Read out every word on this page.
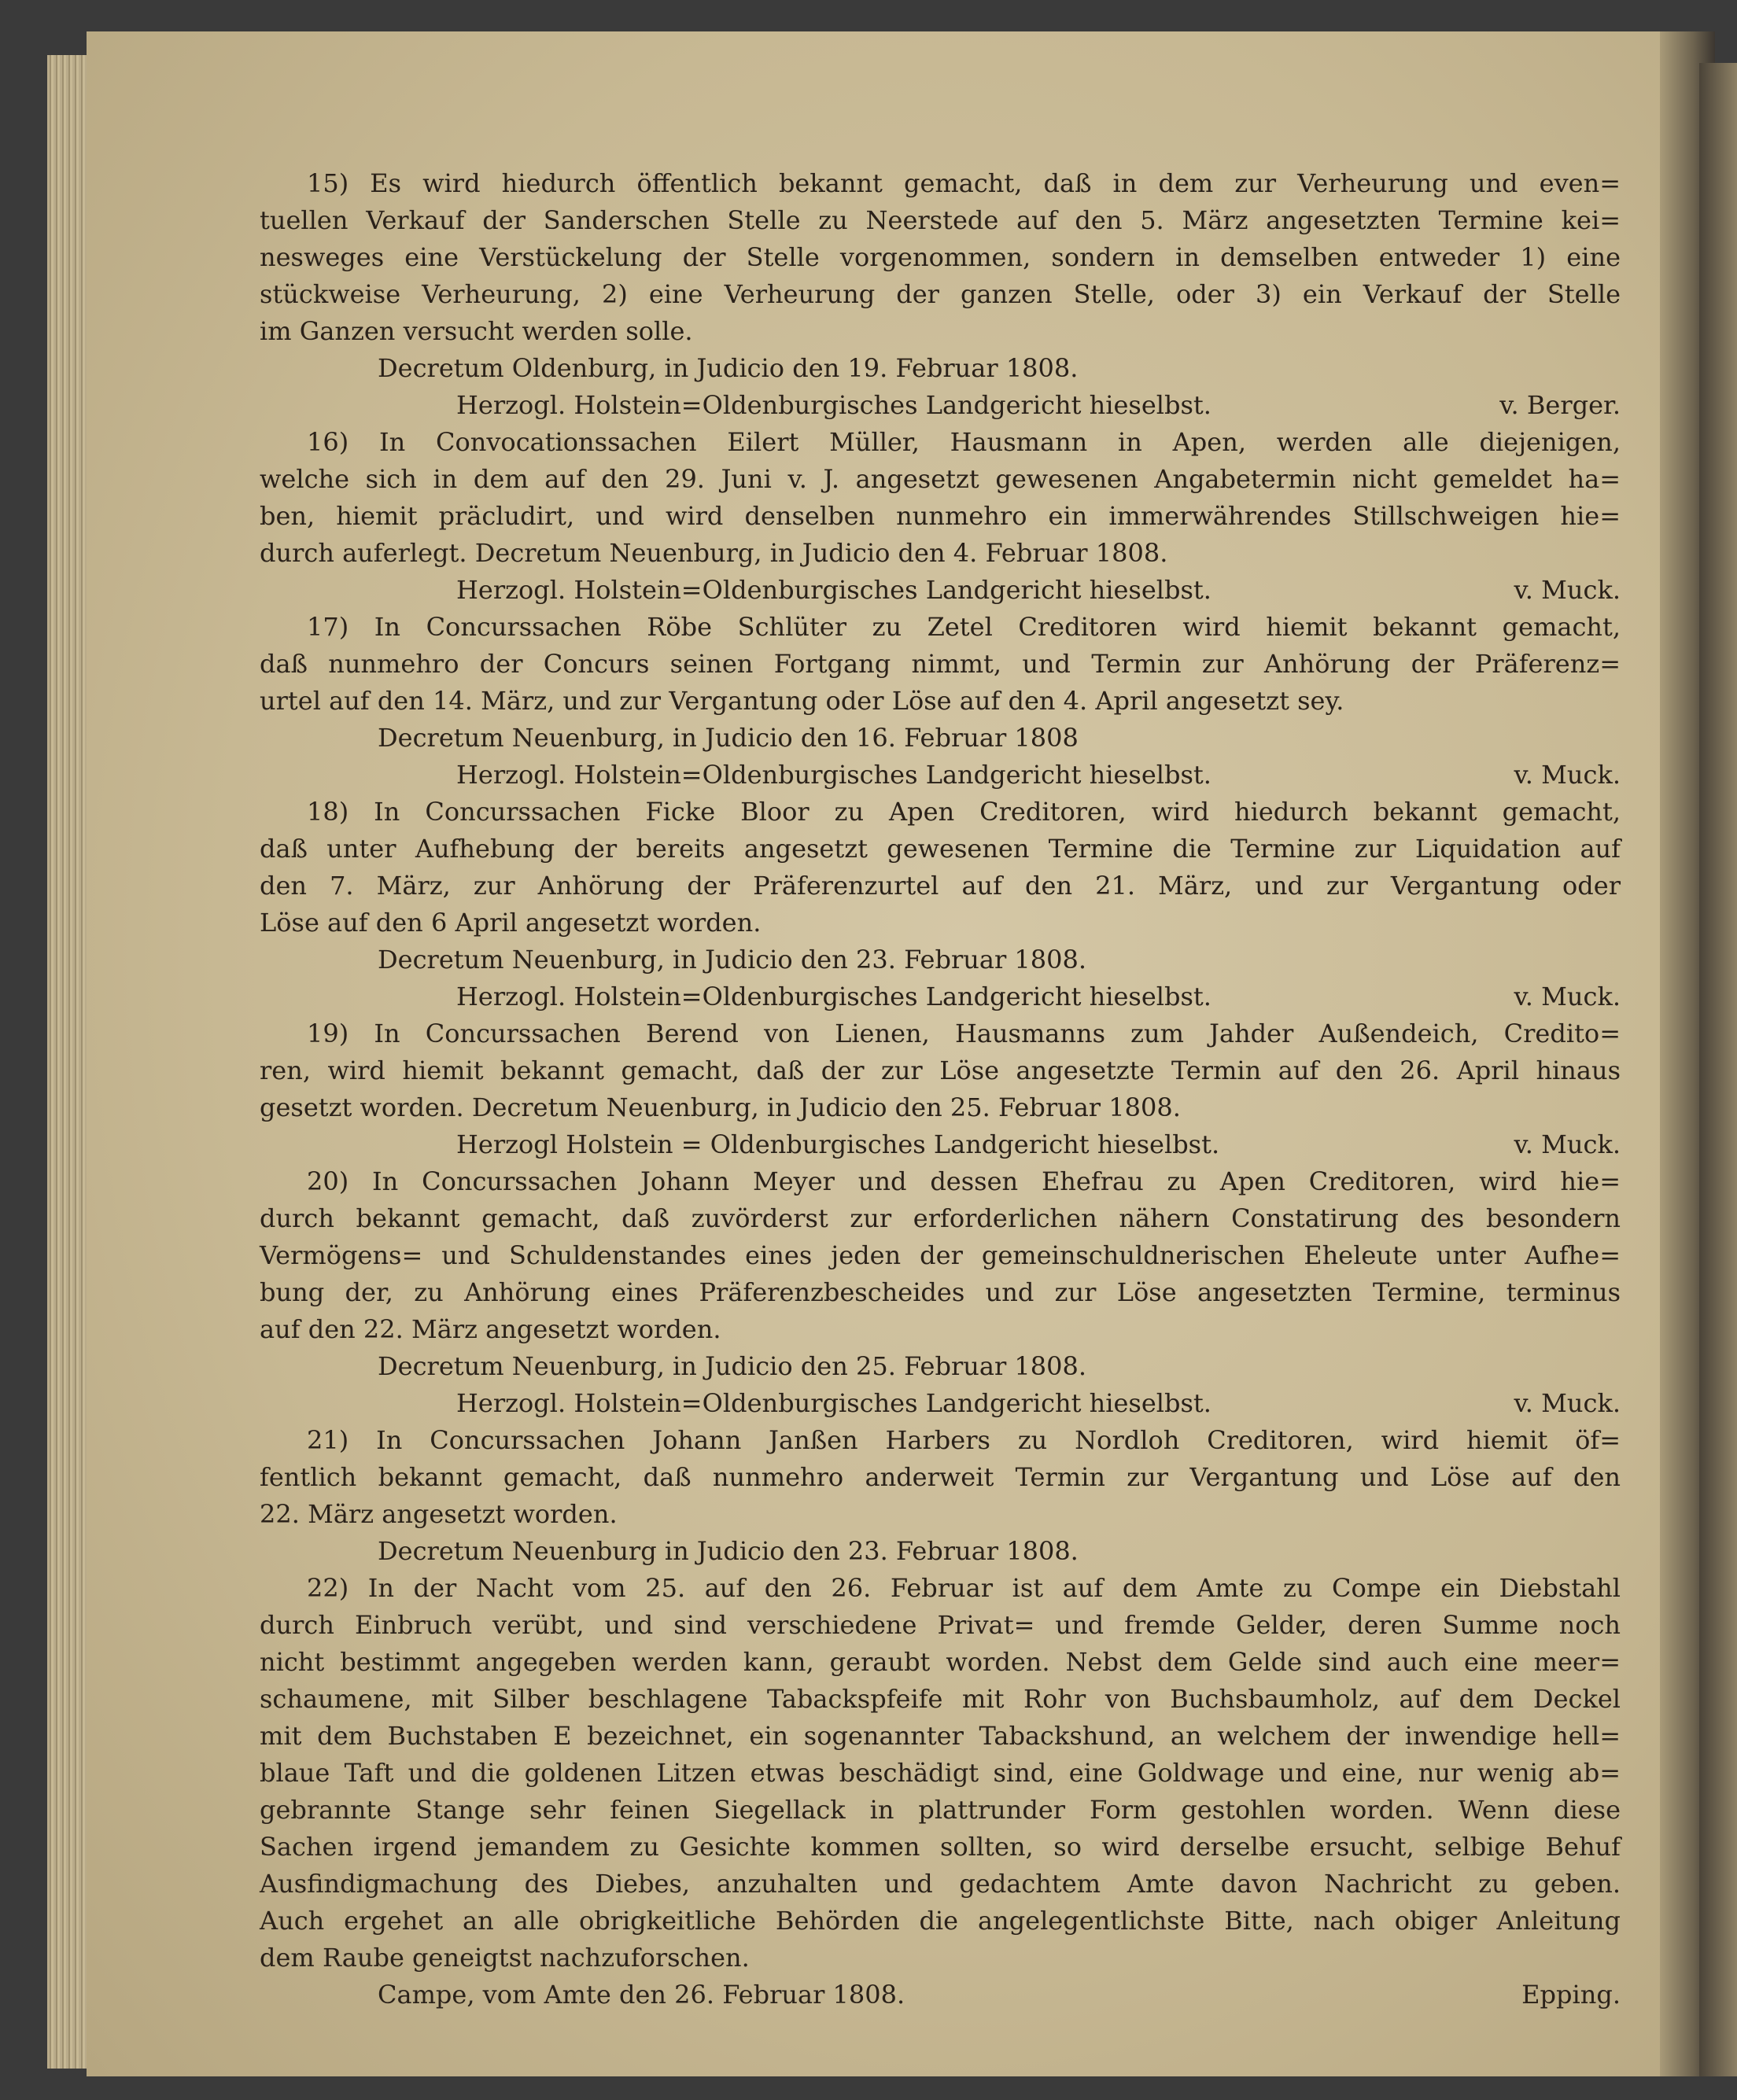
15) Es wird hiedurch öffentlich bekannt gemacht, daß in dem zur Verheurung und even=
tuellen Verkauf der Sanderschen Stelle zu Neerstede auf den 5. März angesetzten Termine kei=
nesweges eine Verstückelung der Stelle vorgenommen, sondern in demselben entweder 1) eine
stückweise Verheurung, 2) eine Verheurung der ganzen Stelle, oder 3) ein Verkauf der Stelle
im Ganzen versucht werden solle.
Decretum Oldenburg, in Judicio den 19. Februar 1808.
Herzogl. Holstein=Oldenburgisches Landgericht hieselbst.	v. Berger.
16) In Convocationssachen Eilert Müller, Hausmann in Apen, werden alle diejenigen,
welche sich in dem auf den 29. Juni v. J. angesetzt gewesenen Angabetermin nicht gemeldet ha=
ben, hiemit präcludirt, und wird denselben nunmehro ein immerwährendes Stillschweigen hie=
durch auferlegt. Decretum Neuenburg, in Judicio den 4. Februar 1808.
Herzogl. Holstein=Oldenburgisches Landgericht hieselbst.	v. Muck.
17) In Concurssachen Röbe Schlüter zu Zetel Creditoren wird hiemit bekannt gemacht,
daß nunmehro der Concurs seinen Fortgang nimmt, und Termin zur Anhörung der Präferenz=
urtel auf den 14. März, und zur Vergantung oder Löse auf den 4. April angesetzt sey.
Decretum Neuenburg, in Judicio den 16. Februar 1808
Herzogl. Holstein=Oldenburgisches Landgericht hieselbst.	v. Muck.
18) In Concurssachen Ficke Bloor zu Apen Creditoren, wird hiedurch bekannt gemacht,
daß unter Aufhebung der bereits angesetzt gewesenen Termine die Termine zur Liquidation auf
den 7. März, zur Anhörung der Präferenzurtel auf den 21. März, und zur Vergantung oder
Löse auf den 6 April angesetzt worden.
Decretum Neuenburg, in Judicio den 23. Februar 1808.
Herzogl. Holstein=Oldenburgisches Landgericht hieselbst.	v. Muck.
19) In Concurssachen Berend von Lienen, Hausmanns zum Jahder Außendeich, Credito=
ren, wird hiemit bekannt gemacht, daß der zur Löse angesetzte Termin auf den 26. April hinaus
gesetzt worden. Decretum Neuenburg, in Judicio den 25. Februar 1808.
Herzogl Holstein = Oldenburgisches Landgericht hieselbst.	v. Muck.
20) In Concurssachen Johann Meyer und dessen Ehefrau zu Apen Creditoren, wird hie=
durch bekannt gemacht, daß zuvörderst zur erforderlichen nähern Constatirung des besondern
Vermögens= und Schuldenstandes eines jeden der gemeinschuldnerischen Eheleute unter Aufhe=
bung der, zu Anhörung eines Präferenzbescheides und zur Löse angesetzten Termine, terminus
auf den 22. März angesetzt worden.
Decretum Neuenburg, in Judicio den 25. Februar 1808.
Herzogl. Holstein=Oldenburgisches Landgericht hieselbst.	v. Muck.
21) In Concurssachen Johann Janßen Harbers zu Nordloh Creditoren, wird hiemit öf=
fentlich bekannt gemacht, daß nunmehro anderweit Termin zur Vergantung und Löse auf den
22. März angesetzt worden.
Decretum Neuenburg in Judicio den 23. Februar 1808.
22) In der Nacht vom 25. auf den 26. Februar ist auf dem Amte zu Compe ein Diebstahl
durch Einbruch verübt, und sind verschiedene Privat= und fremde Gelder, deren Summe noch
nicht bestimmt angegeben werden kann, geraubt worden. Nebst dem Gelde sind auch eine meer=
schaumene, mit Silber beschlagene Tabackspfeife mit Rohr von Buchsbaumholz, auf dem Deckel
mit dem Buchstaben E bezeichnet, ein sogenannter Tabackshund, an welchem der inwendige hell=
blaue Taft und die goldenen Litzen etwas beschädigt sind, eine Goldwage und eine, nur wenig ab=
gebrannte Stange sehr feinen Siegellack in plattrunder Form gestohlen worden. Wenn diese
Sachen irgend jemandem zu Gesichte kommen sollten, so wird derselbe ersucht, selbige Behuf
Ausfindigmachung des Diebes, anzuhalten und gedachtem Amte davon Nachricht zu geben.
Auch ergehet an alle obrigkeitliche Behörden die angelegentlichste Bitte, nach obiger Anleitung
dem Raube geneigtst nachzuforschen.
Campe, vom Amte den 26. Februar 1808.	Epping.
